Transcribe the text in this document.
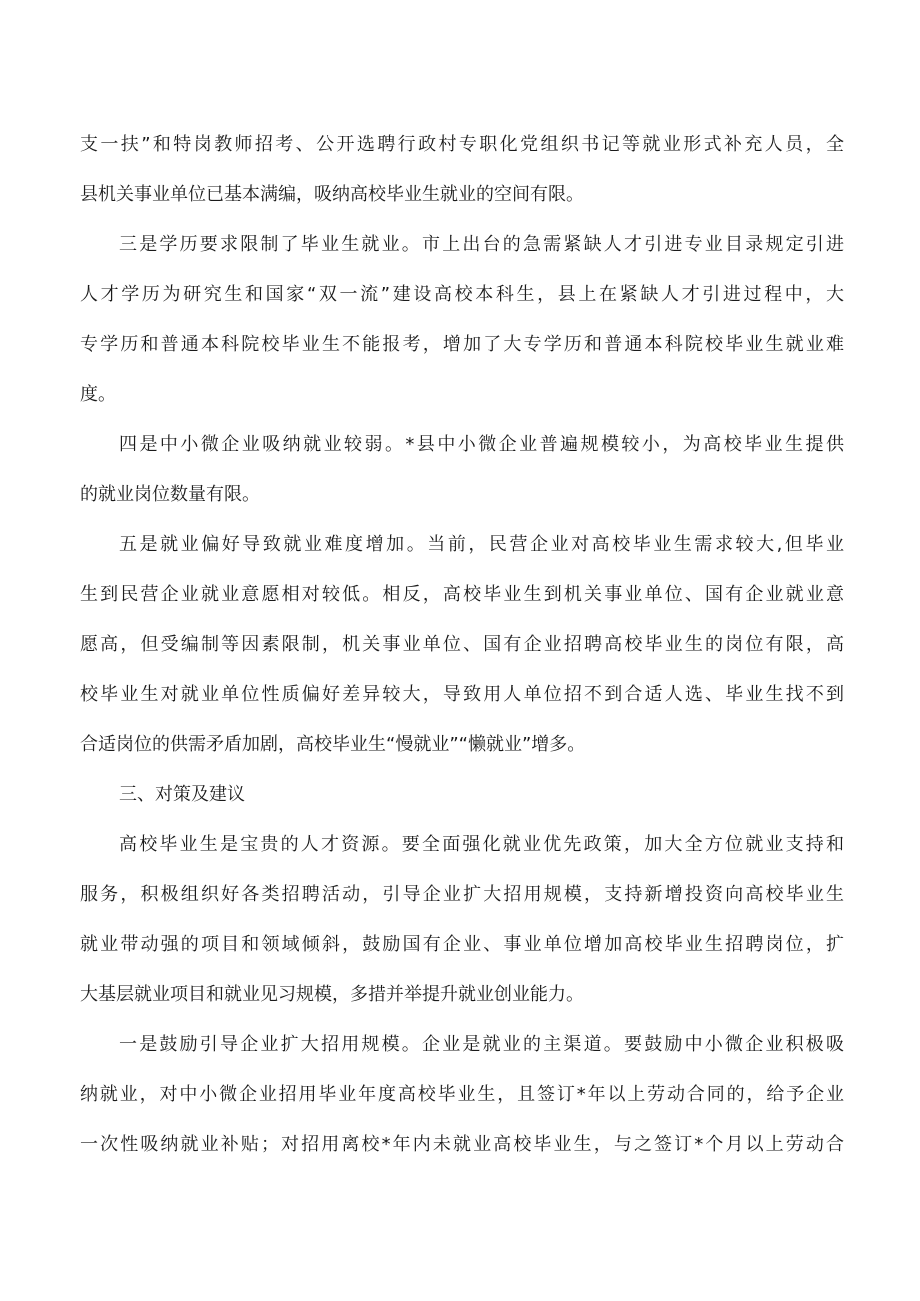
支一扶”和特岗教师招考、公开选聘行政村专职化党组织书记等就业形式补充人员，全
县机关事业单位已基本满编，吸纳高校毕业生就业的空间有限。
三是学历要求限制了毕业生就业。市上出台的急需紧缺人才引进专业目录规定引进
人才学历为研究生和国家“双一流”建设高校本科生，县上在紧缺人才引进过程中，大
专学历和普通本科院校毕业生不能报考，增加了大专学历和普通本科院校毕业生就业难
度。
四是中小微企业吸纳就业较弱。*县中小微企业普遍规模较小，为高校毕业生提供
的就业岗位数量有限。
五是就业偏好导致就业难度增加。当前，民营企业对高校毕业生需求较大,但毕业
生到民营企业就业意愿相对较低。相反，高校毕业生到机关事业单位、国有企业就业意
愿高，但受编制等因素限制，机关事业单位、国有企业招聘高校毕业生的岗位有限，高
校毕业生对就业单位性质偏好差异较大，导致用人单位招不到合适人选、毕业生找不到
合适岗位的供需矛盾加剧，高校毕业生“慢就业”“懒就业”增多。
三、对策及建议
高校毕业生是宝贵的人才资源。要全面强化就业优先政策，加大全方位就业支持和
服务，积极组织好各类招聘活动，引导企业扩大招用规模，支持新增投资向高校毕业生
就业带动强的项目和领域倾斜，鼓励国有企业、事业单位增加高校毕业生招聘岗位，扩
大基层就业项目和就业见习规模，多措并举提升就业创业能力。
一是鼓励引导企业扩大招用规模。企业是就业的主渠道。要鼓励中小微企业积极吸
纳就业，对中小微企业招用毕业年度高校毕业生，且签订*年以上劳动合同的，给予企业
一次性吸纳就业补贴；对招用离校*年内未就业高校毕业生，与之签订*个月以上劳动合
